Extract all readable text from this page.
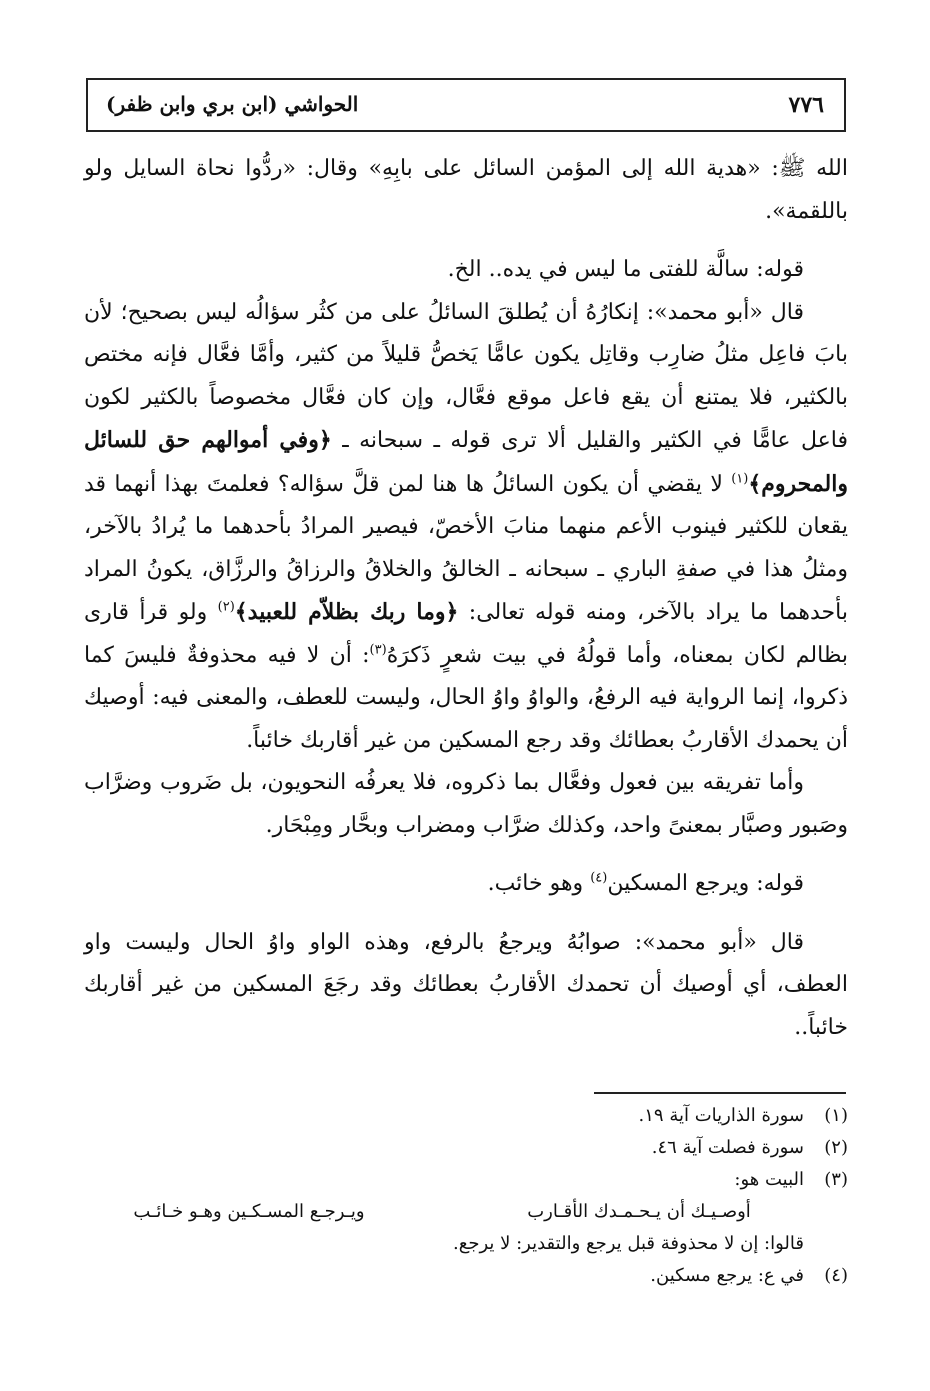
٧٧٦
الحواشي (ابن بري وابن ظفر)

الله ﷺ: «هدية الله إلى المؤمن السائل على بابِهِ» وقال: «ردُّوا نحاة السايل ولو باللقمة».

قوله: سالَّة للفتى ما ليس في يده.. الخ.

قال «أبو محمد»: إنكارُهُ أن يُطلقَ السائلُ على من كثُر سؤالُه ليس بصحيح؛ لأن بابَ فاعِل مثلُ ضارِب وقاتِل يكون عامًّا يَخصُّ قليلاً من كثير، وأمَّا فعَّال فإنه مختص بالكثير، فلا يمتنع أن يقع فاعل موقع فعَّال، وإن كان فعَّال مخصوصاً بالكثير لكون فاعل عامًّا في الكثير والقليل ألا ترى قوله ـ سبحانه ـ ﴿وفي أموالهم حق للسائل والمحروم﴾$^{(١)}$ لا يقضي أن يكون السائلُ ها هنا لمن قلَّ سؤاله؟ فعلمتَ بهذا أنهما قد يقعان للكثير فينوب الأعم منهما منابَ الأخصّ، فيصير المرادُ بأحدهما ما يُرادُ بالآخر، ومثلُ هذا في صفةِ الباري ـ سبحانه ـ الخالقُ والخلاقُ والرزاقُ والرزَّاق، يكونُ المراد بأحدهما ما يراد بالآخر، ومنه قوله تعالى: ﴿وما ربك بظلاّم للعبيد﴾$^{(٢)}$ ولو قرأ قارى بظالم لكان بمعناه، وأما قولُهُ في بيت شعرٍ ذَكرَهُ$^{(٣)}$: أن لا فيه محذوفةٌ فليسَ كما ذكروا، إنما الرواية فيه الرفعُ، والواوُ واوُ الحال، وليست للعطف، والمعنى فيه: أوصيك أن يحمدك الأقاربُ بعطائك وقد رجع المسكين من غير أقاربك خائباً.

وأما تفريقه بين فعول وفعَّال بما ذكروه، فلا يعرفُه النحويون، بل ضَروب وضرَّاب وصَبور وصبَّار بمعنىً واحد، وكذلك ضرَّاب ومضراب وبحَّار ومِبْحَار.

قوله: ويرجع المسكين$^{(٤)}$ وهو خائب.

قال «أبو محمد»: صوابُهُ ويرجعُ بالرفع، وهذه الواو واوُ الحال وليست واو العطف، أي أوصيك أن تحمدك الأقاربُ بعطائك وقد رجَعَ المسكين من غير أقاربك خائباً..

(١)
سورة الذاريات آية ١٩.
(٢)
سورة فصلت آية ٤٦.
(٣)
البيت هو:
أوصـيـك أن يـحـمـدك الأقـارب
ويـرجـع المسـكـين وهـو خـائـب
قالوا: إن لا محذوفة قبل يرجع والتقدير: لا يرجع.
(٤)
في ع: يرجع مسكين.
